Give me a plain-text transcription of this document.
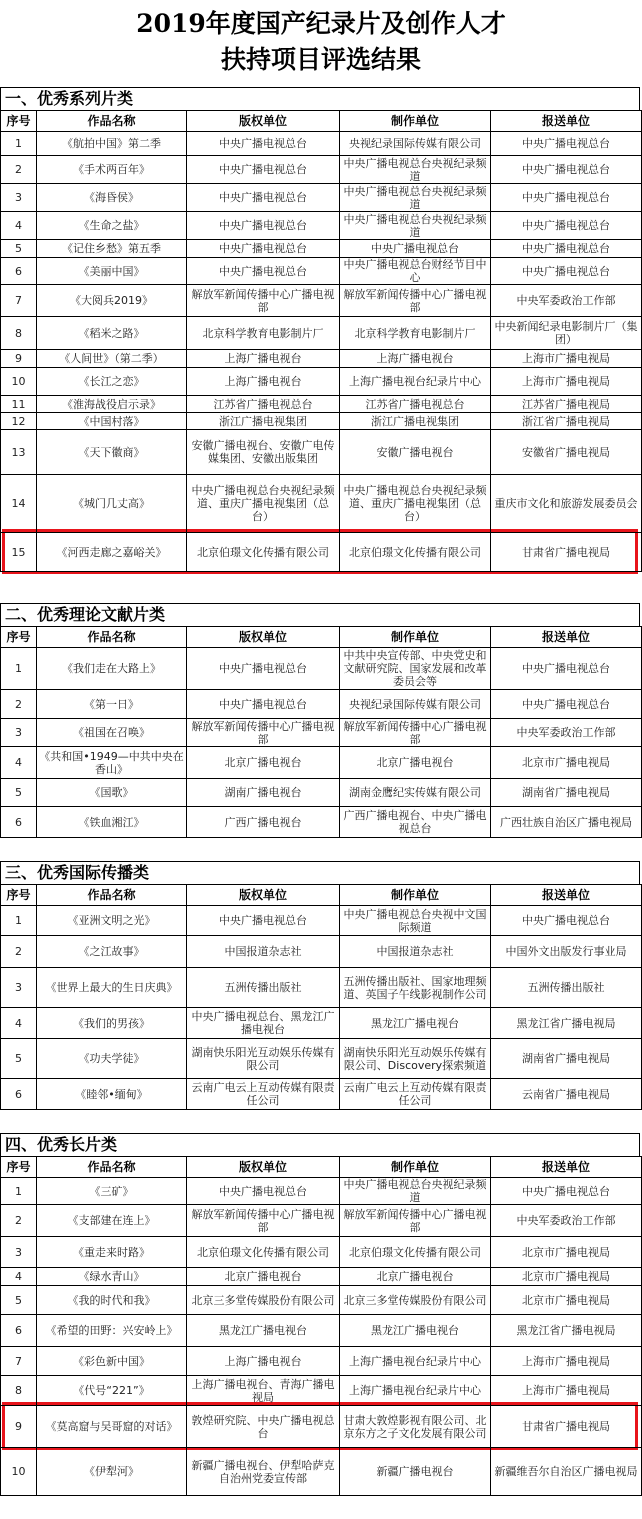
2019年度国产纪录片及创作人才
扶持项目评选结果
一、优秀系列片类
序号	作品名称	版权单位	制作单位	报送单位
1	《航拍中国》第二季	中央广播电视总台	央视纪录国际传媒有限公司	中央广播电视总台
2	《手术两百年》	中央广播电视总台	中央广播电视总台央视纪录频道	中央广播电视总台
3	《海昏侯》	中央广播电视总台	中央广播电视总台央视纪录频道	中央广播电视总台
4	《生命之盐》	中央广播电视总台	中央广播电视总台央视纪录频道	中央广播电视总台
5	《记住乡愁》第五季	中央广播电视总台	中央广播电视总台	中央广播电视总台
6	《美丽中国》	中央广播电视总台	中央广播电视总台财经节目中心	中央广播电视总台
7	《大阅兵2019》	解放军新闻传播中心广播电视部	解放军新闻传播中心广播电视部	中央军委政治工作部
8	《稻米之路》	北京科学教育电影制片厂	北京科学教育电影制片厂	中央新闻纪录电影制片厂（集团）
9	《人间世》（第二季）	上海广播电视台	上海广播电视台	上海市广播电视局
10	《长江之恋》	上海广播电视台	上海广播电视台纪录片中心	上海市广播电视局
11	《淮海战役启示录》	江苏省广播电视总台	江苏省广播电视总台	江苏省广播电视局
12	《中国村落》	浙江广播电视集团	浙江广播电视集团	浙江省广播电视局
13	《天下徽商》	安徽广播电视台、安徽广电传媒集团、安徽出版集团	安徽广播电视台	安徽省广播电视局
14	《城门几丈高》	中央广播电视总台央视纪录频道、重庆广播电视集团（总台）	中央广播电视总台央视纪录频道、重庆广播电视集团（总台）	重庆市文化和旅游发展委员会
15	《河西走廊之嘉峪关》	北京伯璟文化传播有限公司	北京伯璟文化传播有限公司	甘肃省广播电视局
二、优秀理论文献片类
序号	作品名称	版权单位	制作单位	报送单位
1	《我们走在大路上》	中央广播电视总台	中共中央宣传部、中央党史和文献研究院、国家发展和改革委员会等	中央广播电视总台
2	《第一日》	中央广播电视总台	央视纪录国际传媒有限公司	中央广播电视总台
3	《祖国在召唤》	解放军新闻传播中心广播电视部	解放军新闻传播中心广播电视部	中央军委政治工作部
4	《共和国•1949—中共中央在香山》	北京广播电视台	北京广播电视台	北京市广播电视局
5	《国歌》	湖南广播电视台	湖南金鹰纪实传媒有限公司	湖南省广播电视局
6	《铁血湘江》	广西广播电视台	广西广播电视台、中央广播电视总台	广西壮族自治区广播电视局
三、优秀国际传播类
序号	作品名称	版权单位	制作单位	报送单位
1	《亚洲文明之光》	中央广播电视总台	中央广播电视总台央视中文国际频道	中央广播电视总台
2	《之江故事》	中国报道杂志社	中国报道杂志社	中国外文出版发行事业局
3	《世界上最大的生日庆典》	五洲传播出版社	五洲传播出版社、国家地理频道、英国子午线影视制作公司	五洲传播出版社
4	《我们的男孩》	中央广播电视总台、黑龙江广播电视台	黑龙江广播电视台	黑龙江省广播电视局
5	《功夫学徒》	湖南快乐阳光互动娱乐传媒有限公司	湖南快乐阳光互动娱乐传媒有限公司、Discovery探索频道	湖南省广播电视局
6	《睦邻•缅甸》	云南广电云上互动传媒有限责任公司	云南广电云上互动传媒有限责任公司	云南省广播电视局
四、优秀长片类
序号	作品名称	版权单位	制作单位	报送单位
1	《三矿》	中央广播电视总台	中央广播电视总台央视纪录频道	中央广播电视总台
2	《支部建在连上》	解放军新闻传播中心广播电视部	解放军新闻传播中心广播电视部	中央军委政治工作部
3	《重走来时路》	北京伯璟文化传播有限公司	北京伯璟文化传播有限公司	北京市广播电视局
4	《绿水青山》	北京广播电视台	北京广播电视台	北京市广播电视局
5	《我的时代和我》	北京三多堂传媒股份有限公司	北京三多堂传媒股份有限公司	北京市广播电视局
6	《希望的田野：兴安岭上》	黑龙江广播电视台	黑龙江广播电视台	黑龙江省广播电视局
7	《彩色新中国》	上海广播电视台	上海广播电视台纪录片中心	上海市广播电视局
8	《代号“221”》	上海广播电视台、青海广播电视局	上海广播电视台纪录片中心	上海市广播电视局
9	《莫高窟与吴哥窟的对话》	敦煌研究院、中央广播电视总台	甘肃大敦煌影视有限公司、北京东方之子文化发展有限公司	甘肃省广播电视局
10	《伊犁河》	新疆广播电视台、伊犁哈萨克自治州党委宣传部	新疆广播电视台	新疆维吾尔自治区广播电视局
